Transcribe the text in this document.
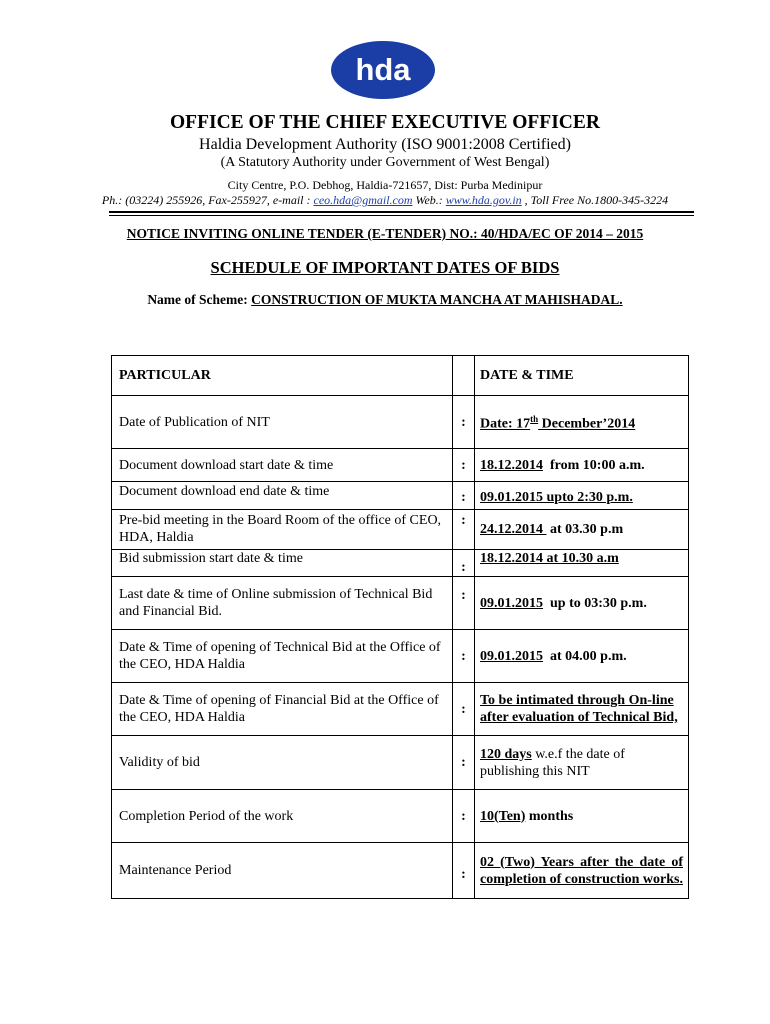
hda
OFFICE OF THE CHIEF EXECUTIVE OFFICER
Haldia Development Authority (ISO 9001:2008 Certified)
(A Statutory Authority under Government of West Bengal)
City Centre, P.O. Debhog, Haldia-721657, Dist: Purba Medinipur
Ph.: (03224) 255926, Fax-255927, e-mail : ceo.hda@gmail.com Web.: www.hda.gov.in , Toll Free No.1800-345-3224
NOTICE INVITING ONLINE TENDER (E-TENDER) NO.: 40/HDA/EC OF 2014 – 2015
SCHEDULE OF IMPORTANT DATES OF BIDS
Name of Scheme: CONSTRUCTION OF MUKTA MANCHA AT MAHISHADAL.
PARTICULAR		DATE & TIME
Date of Publication of NIT	:	Date: 17th December’2014
Document download start date & time	:	18.12.2014  from 10:00 a.m.
Document download end date & time	:	09.01.2015 upto 2:30 p.m.
Pre-bid meeting in the Board Room of the office of CEO, HDA, Haldia	:	24.12.2014  at 03.30 p.m
Bid submission start date & time	:	18.12.2014 at 10.30 a.m
Last date & time of Online submission of Technical Bid and Financial Bid.	:	09.01.2015  up to 03:30 p.m.
Date & Time of opening of Technical Bid at the Office of the CEO, HDA Haldia	:	09.01.2015  at 04.00 p.m.
Date & Time of opening of Financial Bid at the Office of the CEO, HDA Haldia	:	To be intimated through On-line after evaluation of Technical Bid,
Validity of bid	:	120 days w.e.f the date of publishing this NIT
Completion Period of the work	:	10(Ten) months
Maintenance Period	:	02 (Two) Years after the date of completion of construction works.
